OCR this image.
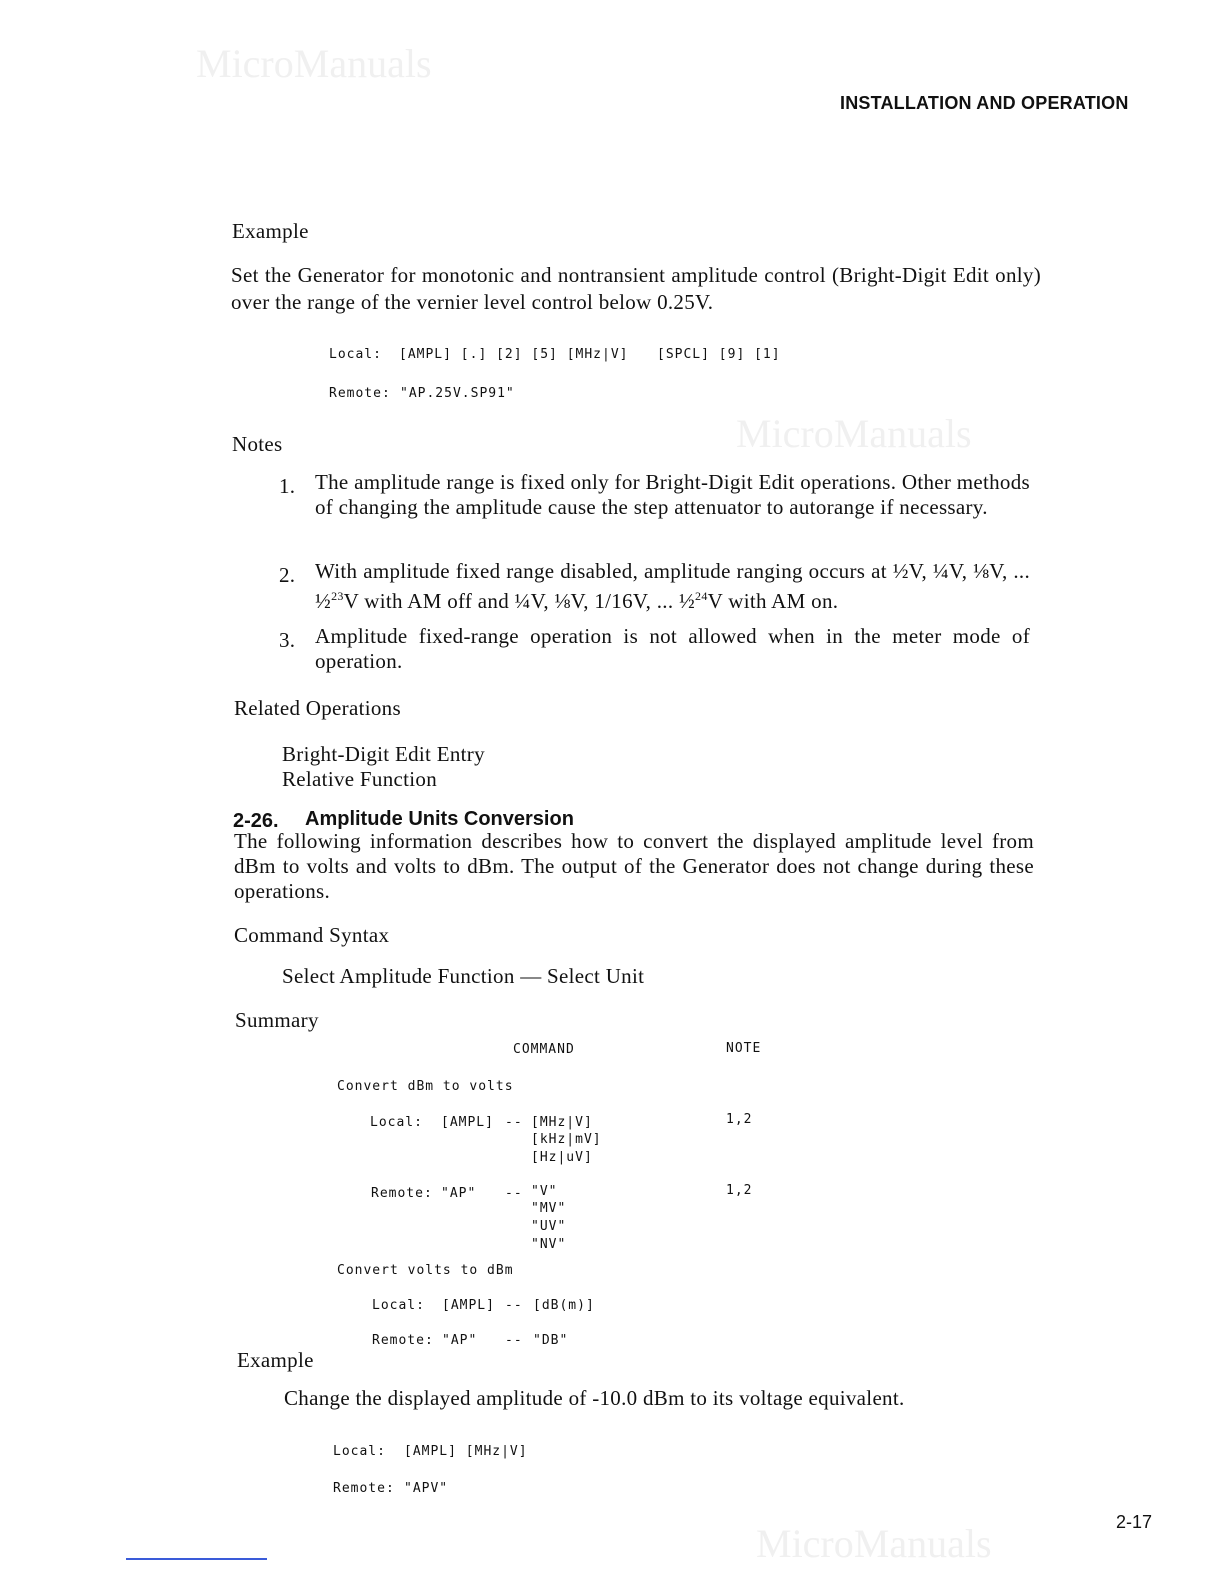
MicroManuals
MicroManuals
MicroManuals
INSTALLATION AND OPERATION
Example
Set the Generator for monotonic and nontransient amplitude control (Bright-Digit Edit only) over the range of the vernier level control below 0.25V.
Local: [AMPL] [.] [2] [5] [MHz|V] [SPCL] [9] [1]
Remote: "AP.25V.SP91"
Notes
1. The amplitude range is fixed only for Bright-Digit Edit operations. Other methods of changing the amplitude cause the step attenuator to autorange if necessary.
2. With amplitude fixed range disabled, amplitude ranging occurs at ½V, ¼V, ⅛V, ... ½$^{23}$V with AM off and ¼V, ⅛V, 1/16V, ... ½$^{24}$V with AM on.
3. Amplitude fixed-range operation is not allowed when in the meter mode of operation.
Related Operations
Bright-Digit Edit Entry
Relative Function
2-26. Amplitude Units Conversion
The following information describes how to convert the displayed amplitude level from dBm to volts and volts to dBm. The output of the Generator does not change during these operations.
Command Syntax
Select Amplitude Function — Select Unit
Summary
COMMAND	NOTE
Convert dBm to volts
Local: [AMPL] -- [MHz|V]
[kHz|mV]
[Hz|uV]
1,2
Remote: "AP" -- "V"
"MV"
"UV"
"NV"
1,2
Convert volts to dBm
Local: [AMPL] -- [dB(m)]
Remote: "AP" -- "DB"
Example
Change the displayed amplitude of -10.0 dBm to its voltage equivalent.
Local: [AMPL] [MHz|V]
Remote: "APV"
2-17
